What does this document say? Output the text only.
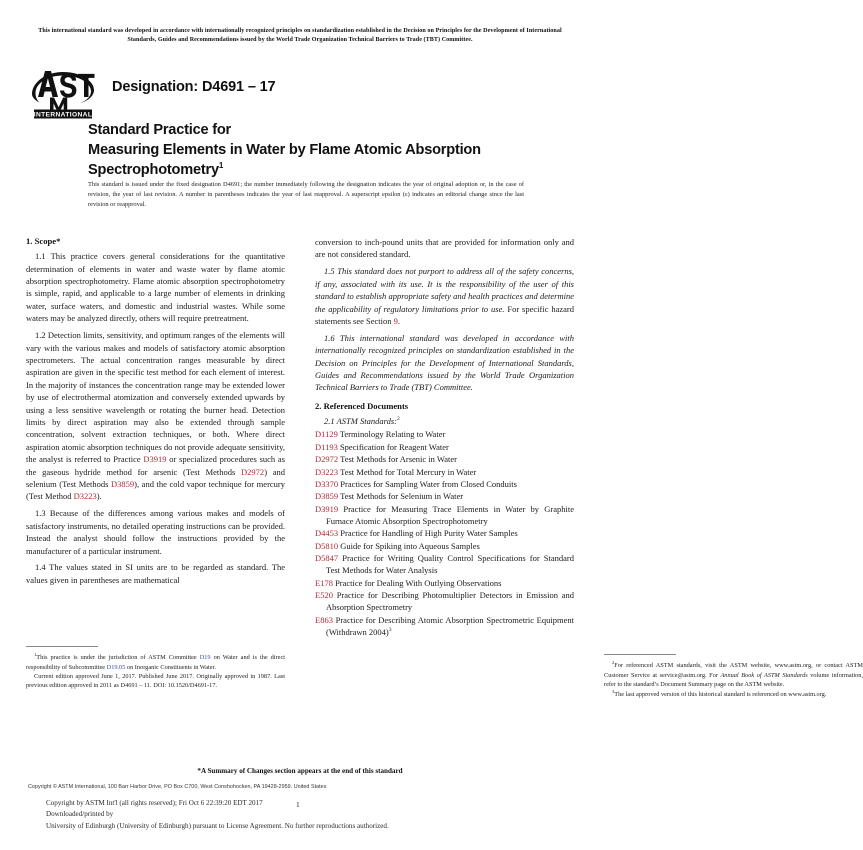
This international standard was developed in accordance with internationally recognized principles on standardization established in the Decision on Principles for the Development of International Standards, Guides and Recommendations issued by the World Trade Organization Technical Barriers to Trade (TBT) Committee.
INTERNATIONAL
Designation: D4691 – 17
Standard Practice for
Measuring Elements in Water by Flame Atomic Absorption
Spectrophotometry$^1$
This standard is issued under the fixed designation D4691; the number immediately following the designation indicates the year of original adoption or, in the case of revision, the year of last revision. A number in parentheses indicates the year of last reapproval. A superscript epsilon (ε) indicates an editorial change since the last revision or reapproval.
1. Scope*

1.1 This practice covers general considerations for the quantitative determination of elements in water and waste water by flame atomic absorption spectrophotometry. Flame atomic absorption spectrophotometry is simple, rapid, and applicable to a large number of elements in drinking water, surface waters, and domestic and industrial wastes. While some waters may be analyzed directly, others will require pretreatment.

1.2 Detection limits, sensitivity, and optimum ranges of the elements will vary with the various makes and models of satisfactory atomic absorption spectrometers. The actual concentration ranges measurable by direct aspiration are given in the specific test method for each element of interest. In the majority of instances the concentration range may be extended lower by use of electrothermal atomization and conversely extended upwards by using a less sensitive wavelength or rotating the burner head. Detection limits by direct aspiration may also be extended through sample concentration, solvent extraction techniques, or both. Where direct aspiration atomic absorption techniques do not provide adequate sensitivity, the analyst is referred to Practice D3919 or specialized procedures such as the gaseous hydride method for arsenic (Test Methods D2972) and selenium (Test Methods D3859), and the cold vapor technique for mercury (Test Method D3223).

1.3 Because of the differences among various makes and models of satisfactory instruments, no detailed operating instructions can be provided. Instead the analyst should follow the instructions provided by the manufacturer of a particular instrument.

1.4 The values stated in SI units are to be regarded as standard. The values given in parentheses are mathematical

$^1$This practice is under the jurisdiction of ASTM Committee D19 on Water and is the direct responsibility of Subcommittee D19.05 on Inorganic Constituents in Water.

Current edition approved June 1, 2017. Published June 2017. Originally approved in 1987. Last previous edition approved in 2011 as D4691 – 11. DOI: 10.1520/D4691-17.

conversion to inch-pound units that are provided for information only and are not considered standard.

1.5 This standard does not purport to address all of the safety concerns, if any, associated with its use. It is the responsibility of the user of this standard to establish appropriate safety and health practices and determine the applicability of regulatory limitations prior to use. For specific hazard statements see Section 9.

1.6 This international standard was developed in accordance with internationally recognized principles on standardization established in the Decision on Principles for the Development of International Standards, Guides and Recommendations issued by the World Trade Organization Technical Barriers to Trade (TBT) Committee.

2. Referenced Documents
2.1 ASTM Standards:$^2$
D1129 Terminology Relating to Water
D1193 Specification for Reagent Water
D2972 Test Methods for Arsenic in Water
D3223 Test Method for Total Mercury in Water
D3370 Practices for Sampling Water from Closed Conduits
D3859 Test Methods for Selenium in Water
D3919 Practice for Measuring Trace Elements in Water by Graphite Furnace Atomic Absorption Spectrophotometry
D4453 Practice for Handling of High Purity Water Samples
D5810 Guide for Spiking into Aqueous Samples
D5847 Practice for Writing Quality Control Specifications for Standard Test Methods for Water Analysis
E178 Practice for Dealing With Outlying Observations
E520 Practice for Describing Photomultiplier Detectors in Emission and Absorption Spectrometry
E863 Practice for Describing Atomic Absorption Spectrometric Equipment (Withdrawn 2004)$^3$

$^2$For referenced ASTM standards, visit the ASTM website, www.astm.org, or contact ASTM Customer Service at service@astm.org. For Annual Book of ASTM Standards volume information, refer to the standard’s Document Summary page on the ASTM website.

$^3$The last approved version of this historical standard is referenced on www.astm.org.

*A Summary of Changes section appears at the end of this standard
Copyright © ASTM International, 100 Barr Harbor Drive, PO Box C700, West Conshohocken, PA 19428-2959. United States
Copyright by ASTM Int'l (all rights reserved); Fri Oct 6 22:39:20 EDT 2017
Downloaded/printed by
University of Edinburgh (University of Edinburgh) pursuant to License Agreement. No further reproductions authorized.
1
